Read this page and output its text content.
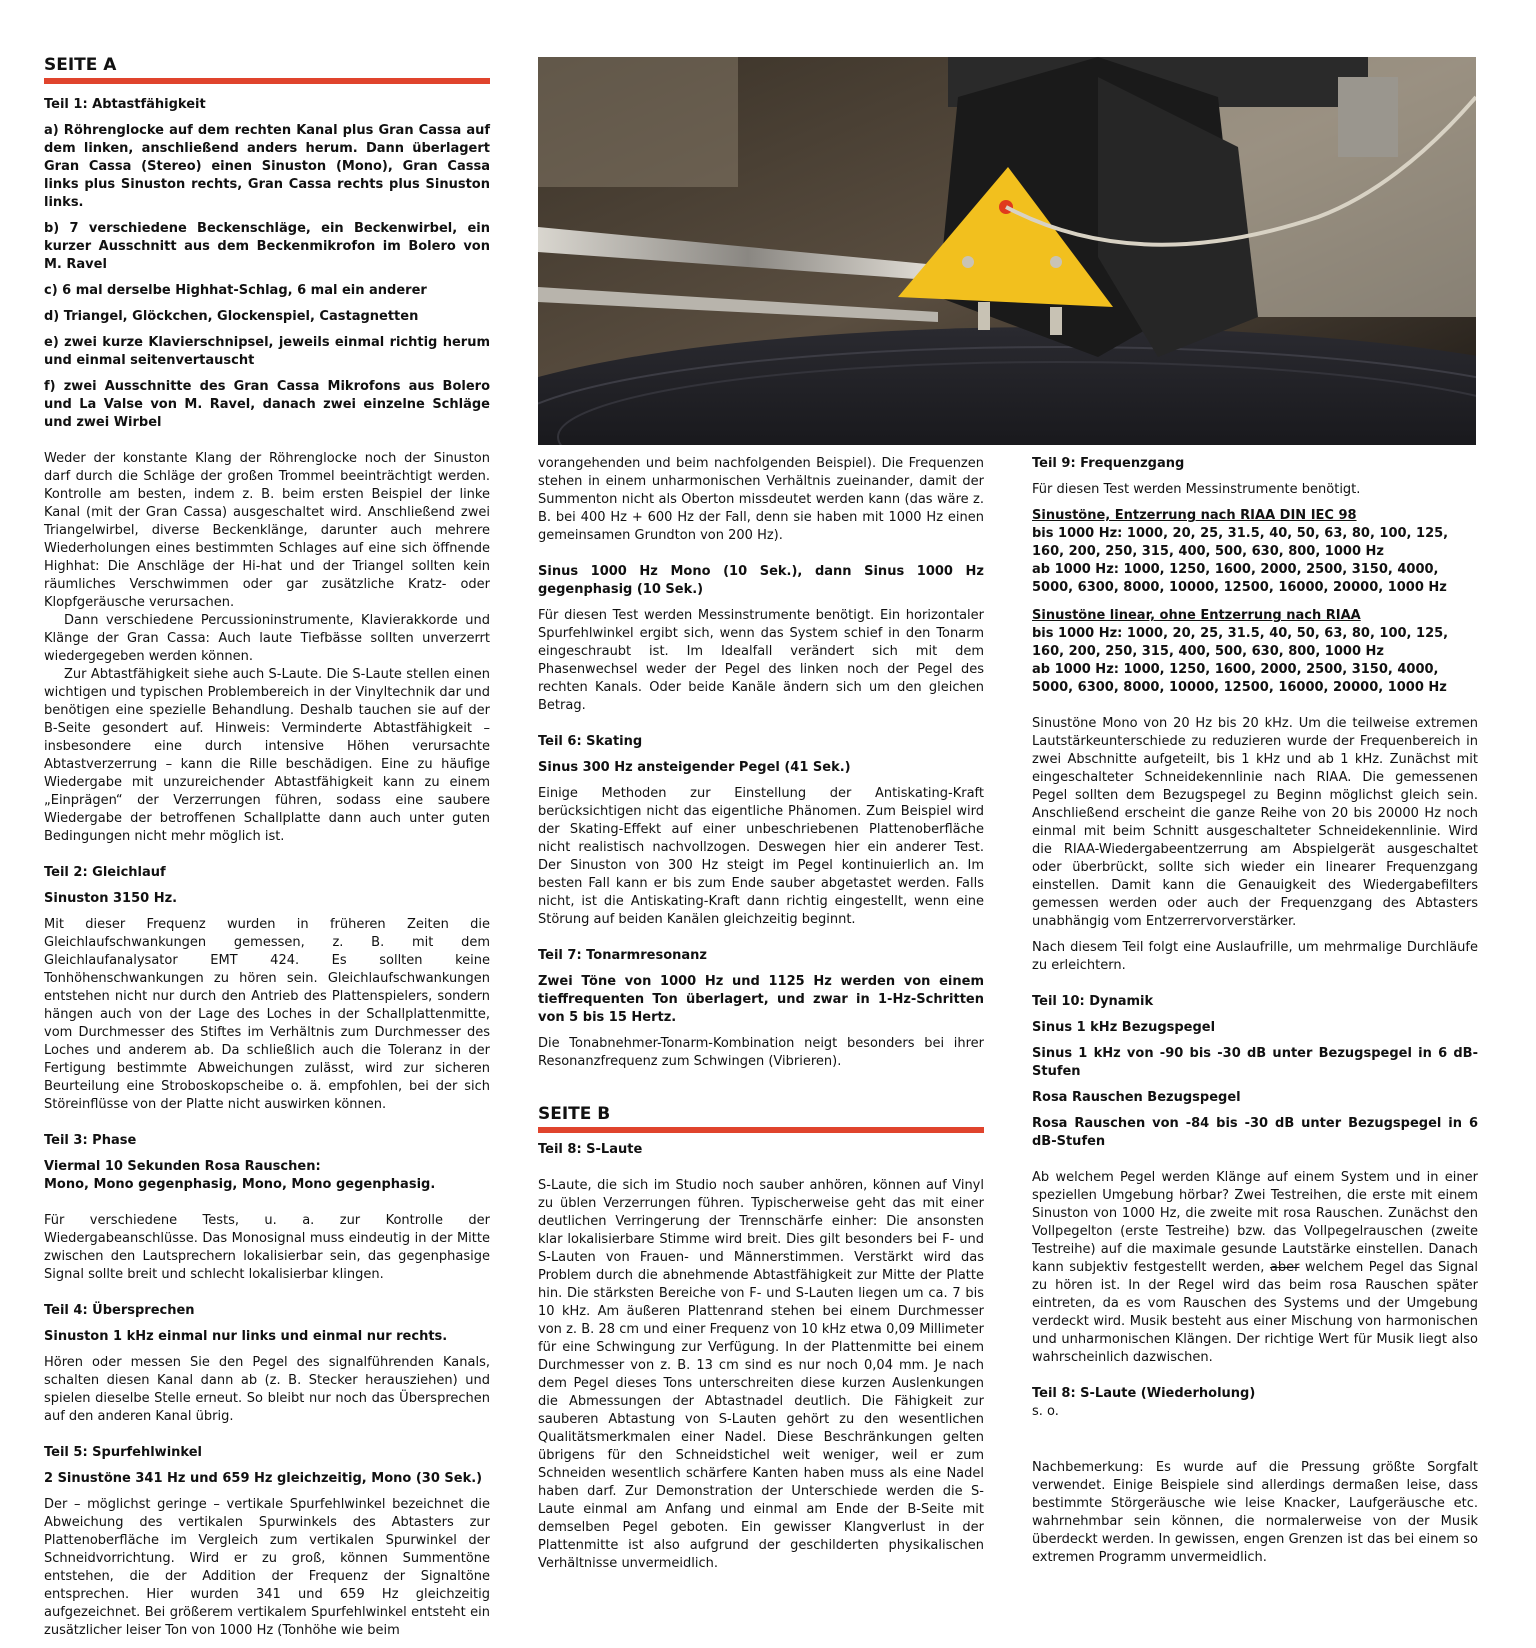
SEITE A

Teil 1: Abtastfähigkeit

a) Röhrenglocke auf dem rechten Kanal plus Gran Cassa auf dem linken, anschließend anders herum. Dann überlagert Gran Cassa (Stereo) einen Sinuston (Mono), Gran Cassa links plus Sinuston rechts, Gran Cassa rechts plus Sinuston links.

b) 7 verschiedene Beckenschläge, ein Beckenwirbel, ein kurzer Ausschnitt aus dem Beckenmikrofon im Bolero von M. Ravel

c) 6 mal derselbe Highhat-Schlag, 6 mal ein anderer

d) Triangel, Glöckchen, Glockenspiel, Castagnetten

e) zwei kurze Klavierschnipsel, jeweils einmal richtig herum und einmal seitenvertauscht

f) zwei Ausschnitte des Gran Cassa Mikrofons aus Bolero und La Valse von M. Ravel, danach zwei einzelne Schläge und zwei Wirbel

Weder der konstante Klang der Röhrenglocke noch der Sinuston darf durch die Schläge der großen Trommel beeinträchtigt werden. Kontrolle am besten, indem z. B. beim ersten Beispiel der linke Kanal (mit der Gran Cassa) ausgeschaltet wird. Anschließend zwei Triangelwirbel, diverse Beckenklänge, darunter auch mehrere Wiederholungen eines bestimmten Schlages auf eine sich öffnende Highhat: Die Anschläge der Hi-hat und der Triangel sollten kein räumliches Verschwimmen oder gar zusätzliche Kratz- oder Klopfgeräusche verursachen.

Dann verschiedene Percussioninstrumente, Klavierakkorde und Klänge der Gran Cassa: Auch laute Tiefbässe sollten unverzerrt wiedergegeben werden können.

Zur Abtastfähigkeit siehe auch S-Laute. Die S-Laute stellen einen wichtigen und typischen Problembereich in der Vinyltechnik dar und benötigen eine spezielle Behandlung. Deshalb tauchen sie auf der B-Seite gesondert auf. Hinweis: Verminderte Abtastfähigkeit – insbesondere eine durch intensive Höhen verursachte Abtastverzerrung – kann die Rille beschädigen. Eine zu häufige Wiedergabe mit unzureichender Abtastfähigkeit kann zu einem „Einprägen“ der Verzerrungen führen, sodass eine saubere Wiedergabe der betroffenen Schallplatte dann auch unter guten Bedingungen nicht mehr möglich ist.

Teil 2: Gleichlauf

Sinuston 3150 Hz.

Mit dieser Frequenz wurden in früheren Zeiten die Gleichlaufschwankungen gemessen, z. B. mit dem Gleichlaufanalysator EMT 424. Es sollten keine Tonhöhenschwankungen zu hören sein. Gleichlaufschwankungen entstehen nicht nur durch den Antrieb des Plattenspielers, sondern hängen auch von der Lage des Loches in der Schallplattenmitte, vom Durchmesser des Stiftes im Verhältnis zum Durchmesser des Loches und anderem ab. Da schließlich auch die Toleranz in der Fertigung bestimmte Abweichungen zulässt, wird zur sicheren Beurteilung eine Stroboskopscheibe o. ä. empfohlen, bei der sich Störeinflüsse von der Platte nicht auswirken können.

Teil 3: Phase

Viermal 10 Sekunden Rosa Rauschen:

Mono, Mono gegenphasig, Mono, Mono gegenphasig.

Für verschiedene Tests, u. a. zur Kontrolle der Wiedergabeanschlüsse. Das Monosignal muss eindeutig in der Mitte zwischen den Lautsprechern lokalisierbar sein, das gegenphasige Signal sollte breit und schlecht lokalisierbar klingen.

Teil 4: Übersprechen

Sinuston 1 kHz einmal nur links und einmal nur rechts.

Hören oder messen Sie den Pegel des signalführenden Kanals, schalten diesen Kanal dann ab (z. B. Stecker herausziehen) und spielen dieselbe Stelle erneut. So bleibt nur noch das Übersprechen auf den anderen Kanal übrig.

Teil 5: Spurfehlwinkel

2 Sinustöne 341 Hz und 659 Hz gleichzeitig, Mono (30 Sek.)

Der – möglichst geringe – vertikale Spurfehlwinkel bezeichnet die Abweichung des vertikalen Spurwinkels des Abtasters zur Plattenoberfläche im Vergleich zum vertikalen Spurwinkel der Schneidvorrichtung. Wird er zu groß, können Summentöne entstehen, die der Addition der Frequenz der Signaltöne entsprechen. Hier wurden 341 und 659 Hz gleichzeitig aufgezeichnet. Bei größerem vertikalem Spurfehlwinkel entsteht ein zusätzlicher leiser Ton von 1000 Hz (Tonhöhe wie beim

vorangehenden und beim nachfolgenden Beispiel). Die Frequenzen stehen in einem unharmonischen Verhältnis zueinander, damit der Summenton nicht als Oberton missdeutet werden kann (das wäre z. B. bei 400 Hz + 600 Hz der Fall, denn sie haben mit 1000 Hz einen gemeinsamen Grundton von 200 Hz).

Sinus 1000 Hz Mono (10 Sek.), dann Sinus 1000 Hz gegenphasig (10 Sek.)

Für diesen Test werden Messinstrumente benötigt. Ein horizontaler Spurfehlwinkel ergibt sich, wenn das System schief in den Tonarm eingeschraubt ist. Im Idealfall verändert sich mit dem Phasenwechsel weder der Pegel des linken noch der Pegel des rechten Kanals. Oder beide Kanäle ändern sich um den gleichen Betrag.

Teil 6: Skating

Sinus 300 Hz ansteigender Pegel (41 Sek.)

Einige Methoden zur Einstellung der Antiskating-Kraft berücksichtigen nicht das eigentliche Phänomen. Zum Beispiel wird der Skating-Effekt auf einer unbeschriebenen Plattenoberfläche nicht realistisch nachvollzogen. Deswegen hier ein anderer Test. Der Sinuston von 300 Hz steigt im Pegel kontinuierlich an. Im besten Fall kann er bis zum Ende sauber abgetastet werden. Falls nicht, ist die Antiskating-Kraft dann richtig eingestellt, wenn eine Störung auf beiden Kanälen gleichzeitig beginnt.

Teil 7: Tonarmresonanz

Zwei Töne von 1000 Hz und 1125 Hz werden von einem tieffrequenten Ton überlagert, und zwar in 1-Hz-Schritten von 5 bis 15 Hertz.

Die Tonabnehmer-Tonarm-Kombination neigt besonders bei ihrer Resonanzfrequenz zum Schwingen (Vibrieren).

SEITE B

Teil 8: S-Laute

S-Laute, die sich im Studio noch sauber anhören, können auf Vinyl zu üblen Verzerrungen führen. Typischerweise geht das mit einer deutlichen Verringerung der Trennschärfe einher: Die ansonsten klar lokalisierbare Stimme wird breit. Dies gilt besonders bei F- und S-Lauten von Frauen- und Männerstimmen. Verstärkt wird das Problem durch die abnehmende Abtastfähigkeit zur Mitte der Platte hin. Die stärksten Bereiche von F- und S-Lauten liegen um ca. 7 bis 10 kHz. Am äußeren Plattenrand stehen bei einem Durchmesser von z. B. 28 cm und einer Frequenz von 10 kHz etwa 0,09 Millimeter für eine Schwingung zur Verfügung. In der Plattenmitte bei einem Durchmesser von z. B. 13 cm sind es nur noch 0,04 mm. Je nach dem Pegel dieses Tons unterschreiten diese kurzen Auslenkungen die Abmessungen der Abtastnadel deutlich. Die Fähigkeit zur sauberen Abtastung von S-Lauten gehört zu den wesentlichen Qualitätsmerkmalen einer Nadel. Diese Beschränkungen gelten übrigens für den Schneidstichel weit weniger, weil er zum Schneiden wesentlich schärfere Kanten haben muss als eine Nadel haben darf. Zur Demonstration der Unterschiede werden die S-Laute einmal am Anfang und einmal am Ende der B-Seite mit demselben Pegel geboten. Ein gewisser Klangverlust in der Plattenmitte ist also aufgrund der geschilderten physikalischen Verhältnisse unvermeidlich.

Teil 9: Frequenzgang

Für diesen Test werden Messinstrumente benötigt.

Sinustöne, Entzerrung nach RIAA DIN IEC 98

bis 1000 Hz: 1000, 20, 25, 31.5, 40, 50, 63, 80, 100, 125, 160, 200, 250, 315, 400, 500, 630, 800, 1000 Hz

ab 1000 Hz: 1000, 1250, 1600, 2000, 2500, 3150, 4000, 5000, 6300, 8000, 10000, 12500, 16000, 20000, 1000 Hz

Sinustöne linear, ohne Entzerrung nach RIAA

bis 1000 Hz: 1000, 20, 25, 31.5, 40, 50, 63, 80, 100, 125, 160, 200, 250, 315, 400, 500, 630, 800, 1000 Hz

ab 1000 Hz: 1000, 1250, 1600, 2000, 2500, 3150, 4000, 5000, 6300, 8000, 10000, 12500, 16000, 20000, 1000 Hz

Sinustöne Mono von 20 Hz bis 20 kHz. Um die teilweise extremen Lautstärkeunterschiede zu reduzieren wurde der Frequenbereich in zwei Abschnitte aufgeteilt, bis 1 kHz und ab 1 kHz. Zunächst mit eingeschalteter Schneidekennlinie nach RIAA. Die gemessenen Pegel sollten dem Bezugspegel zu Beginn möglichst gleich sein. Anschließend erscheint die ganze Reihe von 20 bis 20000 Hz noch einmal mit beim Schnitt ausgeschalteter Schneidekennlinie. Wird die RIAA-Wiedergabeentzerrung am Abspielgerät ausgeschaltet oder überbrückt, sollte sich wieder ein linearer Frequenzgang einstellen. Damit kann die Genauigkeit des Wiedergabefilters gemessen werden oder auch der Frequenzgang des Abtasters unabhängig vom Entzerrervorverstärker.

Nach diesem Teil folgt eine Auslaufrille, um mehrmalige Durchläufe zu erleichtern.

Teil 10: Dynamik

Sinus 1 kHz Bezugspegel

Sinus 1 kHz von -90 bis -30 dB unter Bezugspegel in 6 dB-Stufen

Rosa Rauschen Bezugspegel

Rosa Rauschen von -84 bis -30 dB unter Bezugspegel in 6 dB-Stufen

Ab welchem Pegel werden Klänge auf einem System und in einer speziellen Umgebung hörbar? Zwei Testreihen, die erste mit einem Sinuston von 1000 Hz, die zweite mit rosa Rauschen. Zunächst den Vollpegelton (erste Testreihe) bzw. das Vollpegelrauschen (zweite Testreihe) auf die maximale gesunde Lautstärke einstellen. Danach kann subjektiv festgestellt werden, aber welchem Pegel das Signal zu hören ist. In der Regel wird das beim rosa Rauschen später eintreten, da es vom Rauschen des Systems und der Umgebung verdeckt wird. Musik besteht aus einer Mischung von harmonischen und unharmonischen Klängen. Der richtige Wert für Musik liegt also wahrscheinlich dazwischen.

Teil 8: S-Laute (Wiederholung)

s. o.

Nachbemerkung: Es wurde auf die Pressung größte Sorgfalt verwendet. Einige Beispiele sind allerdings dermaßen leise, dass bestimmte Störgeräusche wie leise Knacker, Laufgeräusche etc. wahrnehmbar sein können, die normalerweise von der Musik überdeckt werden. In gewissen, engen Grenzen ist das bei einem so extremen Programm unvermeidlich.
